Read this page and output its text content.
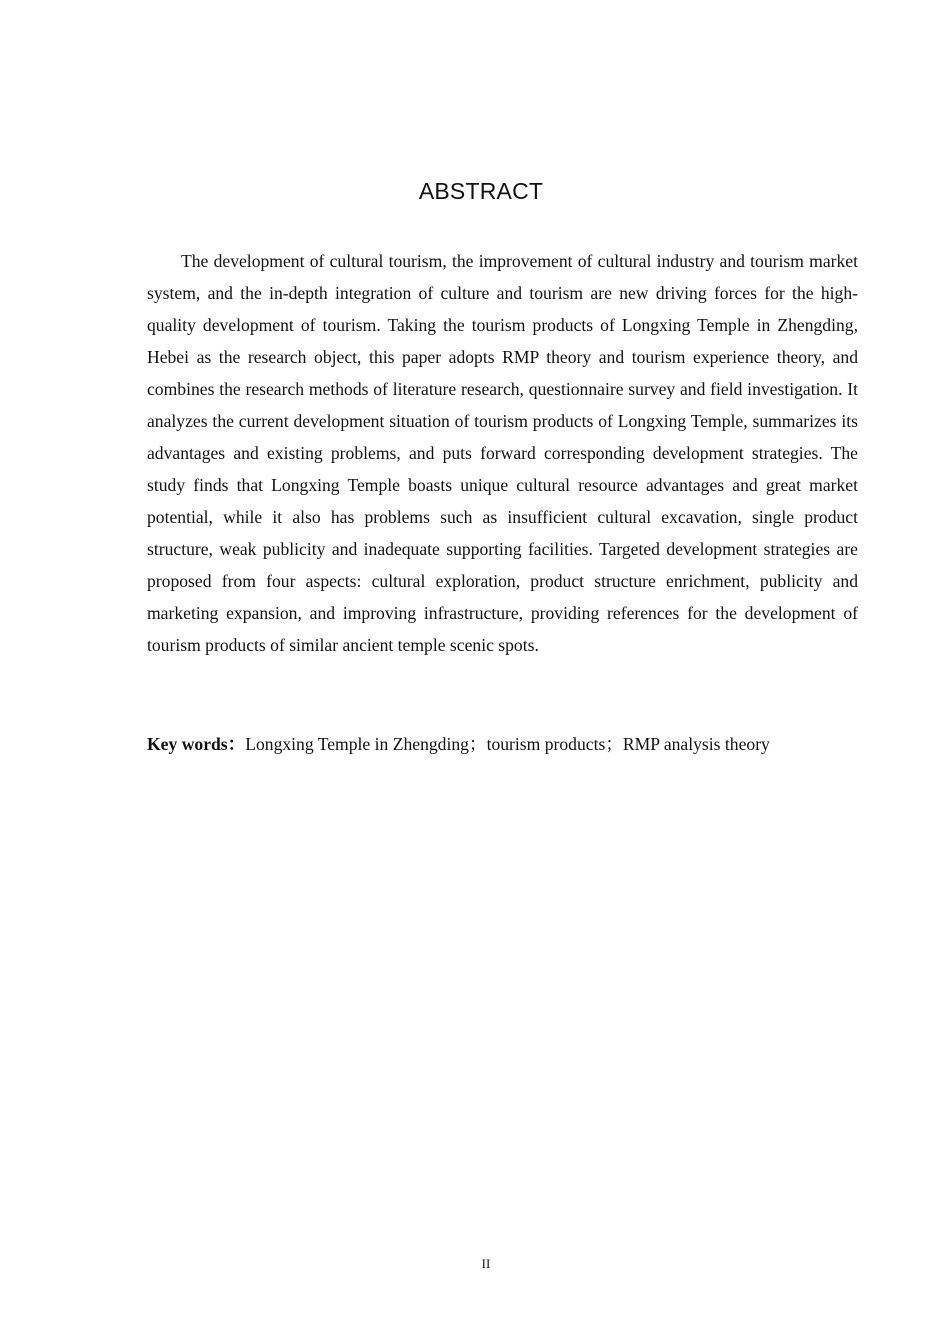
ABSTRACT

The development of cultural tourism, the improvement of cultural industry and tourism market system, and the in-depth integration of culture and tourism are new driving forces for the high-quality development of tourism. Taking the tourism products of Longxing Temple in Zhengding, Hebei as the research object, this paper adopts RMP theory and tourism experience theory, and combines the research methods of literature research, questionnaire survey and field investigation. It analyzes the current development situation of tourism products of Longxing Temple, summarizes its advantages and existing problems, and puts forward corresponding development strategies. The study finds that Longxing Temple boasts unique cultural resource advantages and great market potential, while it also has problems such as insufficient cultural excavation, single product structure, weak publicity and inadequate supporting facilities. Targeted development strategies are proposed from four aspects: cultural exploration, product structure enrichment, publicity and marketing expansion, and improving infrastructure, providing references for the development of tourism products of similar ancient temple scenic spots.

Key words：Longxing Temple in Zhengding；tourism products；RMP analysis theory

II
